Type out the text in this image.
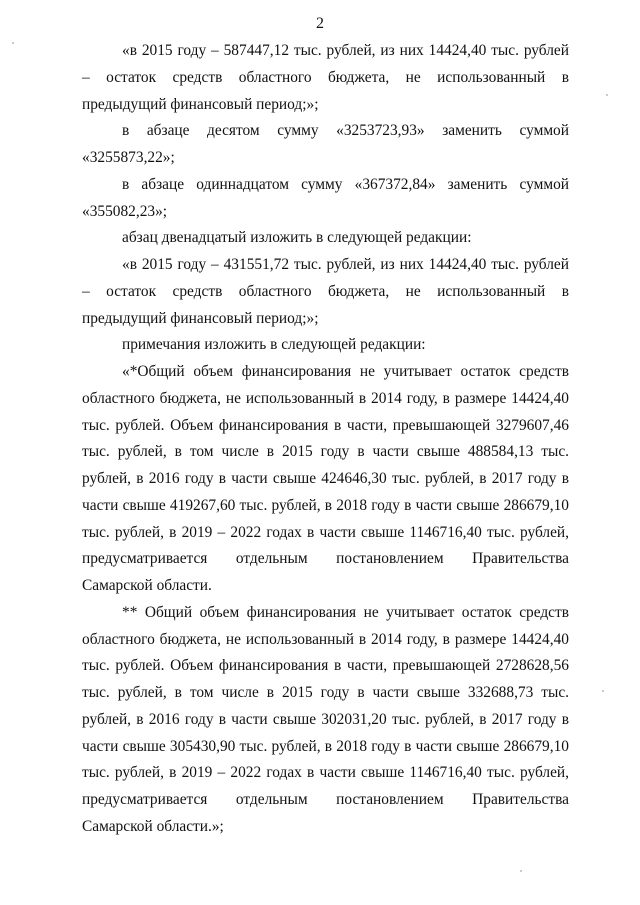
2

«в 2015 году – 587447,12 тыс. рублей, из них 14424,40 тыс. рублей – остаток средств областного бюджета, не использованный в предыдущий финансовый период;»;

в абзаце десятом сумму «3253723,93» заменить суммой «3255873,22»;

в абзаце одиннадцатом сумму «367372,84» заменить суммой «355082,23»;

абзац двенадцатый изложить в следующей редакции:

«в 2015 году – 431551,72 тыс. рублей, из них 14424,40 тыс. рублей – остаток средств областного бюджета, не использованный в предыдущий финансовый период;»;

примечания изложить в следующей редакции:

«*Общий объем финансирования не учитывает остаток средств областного бюджета, не использованный в 2014 году, в размере 14424,40 тыс. рублей. Объем финансирования в части, превышающей 3279607,46 тыс. рублей, в том числе в 2015 году в части свыше 488584,13 тыс. рублей, в 2016 году в части свыше 424646,30 тыс. рублей, в 2017 году в части свыше 419267,60 тыс. рублей, в 2018 году в части свыше 286679,10 тыс. рублей, в 2019 – 2022 годах в части свыше 1146716,40 тыс. рублей, предусматривается отдельным постановлением Правительства Самарской области.

** Общий объем финансирования не учитывает остаток средств областного бюджета, не использованный в 2014 году, в размере 14424,40 тыс. рублей. Объем финансирования в части, превышающей 2728628,56 тыс. рублей, в том числе в 2015 году в части свыше 332688,73 тыс. рублей, в 2016 году в части свыше 302031,20 тыс. рублей, в 2017 году в части свыше 305430,90 тыс. рублей, в 2018 году в части свыше 286679,10 тыс. рублей, в 2019 – 2022 годах в части свыше 1146716,40 тыс. рублей, предусматривается отдельным постановлением Правительства Самарской области.»;
